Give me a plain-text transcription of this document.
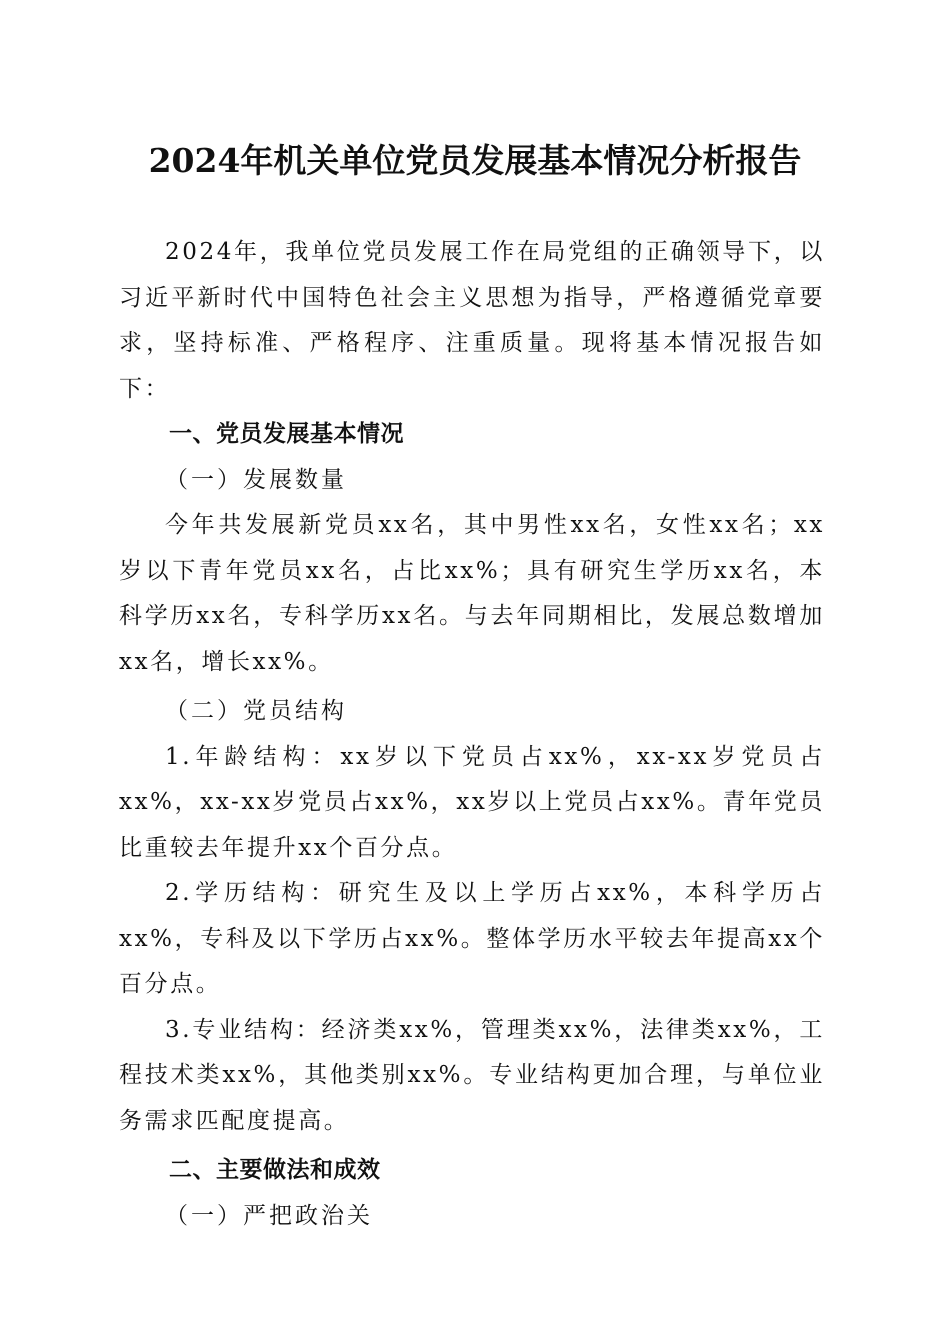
2024年机关单位党员发展基本情况分析报告

2024年，我单位党员发展工作在局党组的正确领导下，以习近平新时代中国特色社会主义思想为指导，严格遵循党章要求，坚持标准、严格程序、注重质量。现将基本情况报告如下：

一、党员发展基本情况

（一）发展数量

今年共发展新党员xx名，其中男性xx名，女性xx名；xx岁以下青年党员xx名，占比xx%；具有研究生学历xx名，本科学历xx名，专科学历xx名。与去年同期相比，发展总数增加xx名，增长xx%。

（二）党员结构

1.年龄结构：xx岁以下党员占xx%，xx-xx岁党员占xx%，xx-xx岁党员占xx%，xx岁以上党员占xx%。青年党员比重较去年提升xx个百分点。

2.学历结构：研究生及以上学历占xx%，本科学历占xx%，专科及以下学历占xx%。整体学历水平较去年提高xx个百分点。

3.专业结构：经济类xx%，管理类xx%，法律类xx%，工程技术类xx%，其他类别xx%。专业结构更加合理，与单位业务需求匹配度提高。

二、主要做法和成效

（一）严把政治关
